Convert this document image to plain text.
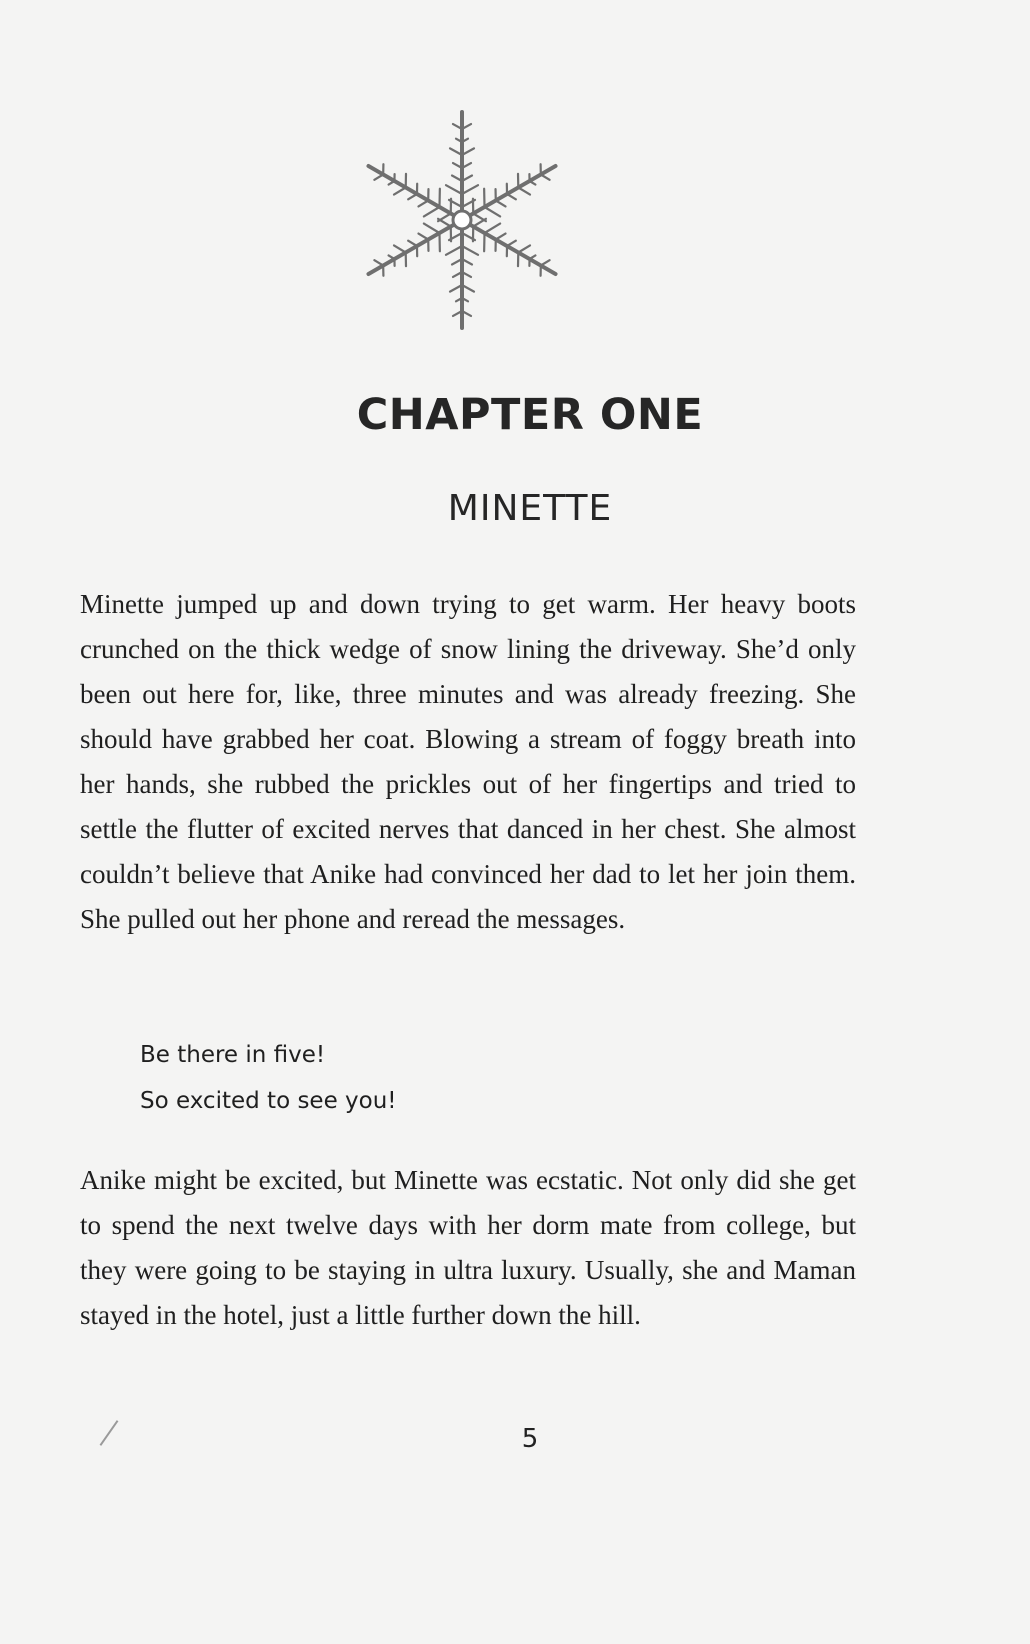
CHAPTER ONE
MINETTE

Minette jumped up and down trying to get warm. Her heavy boots crunched on the thick wedge of snow lining the driveway. She’d only been out here for, like, three minutes and was already freezing. She should have grabbed her coat. Blowing a stream of foggy breath into her hands, she rubbed the prickles out of her fingertips and tried to settle the flutter of excited nerves that danced in her chest. She almost couldn’t believe that Anike had convinced her dad to let her join them. She pulled out her phone and reread the messages.

Be there in five!
So excited to see you!

Anike might be excited, but Minette was ecstatic. Not only did she get to spend the next twelve days with her dorm mate from college, but they were going to be staying in ultra luxury. Usually, she and Maman stayed in the hotel, just a little further down the hill.

5
